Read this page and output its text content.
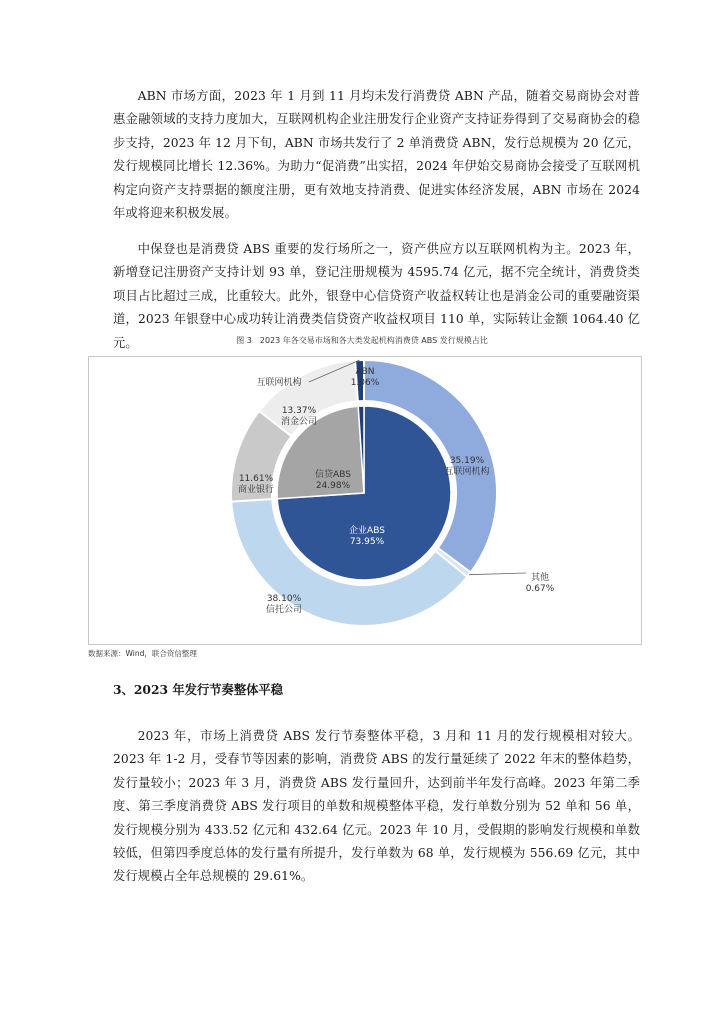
ABN 市场方面，2023 年 1 月到 11 月均未发行消费贷 ABN 产品，随着交易商协会对普惠金融领域的支持力度加大，互联网机构企业注册发行企业资产支持证券得到了交易商协会的稳步支持，2023 年 12 月下旬，ABN 市场共发行了 2 单消费贷 ABN，发行总规模为 20 亿元，发行规模同比增长 12.36%。为助力“促消费”出实招，2024 年伊始交易商协会接受了互联网机构定向资产支持票据的额度注册，更有效地支持消费、促进实体经济发展，ABN 市场在 2024 年或将迎来积极发展。

中保登也是消费贷 ABS 重要的发行场所之一，资产供应方以互联网机构为主。2023 年，新增登记注册资产支持计划 93 单，登记注册规模为 4595.74 亿元，据不完全统计，消费贷类项目占比超过三成，比重较大。此外，银登中心信贷资产收益权转让也是消金公司的重要融资渠道，2023 年银登中心成功转让消费类信贷资产收益权项目 110 单，实际转让金额 1064.40 亿元。	图 3　2023 年各交易市场和各大类发起机构消费贷 ABS 发行规模占比
企业ABS 73.95%
信贷ABS 24.98%
ABN 1.06%
35.19%互联网机构
其他 0.67%
38.10%信托公司
11.61%商业银行
13.37%消金公司
互联网机构
数据来源：Wind，联合资信整理
3、2023 年发行节奏整体平稳

2023 年，市场上消费贷 ABS 发行节奏整体平稳，3 月和 11 月的发行规模相对较大。2023 年 1-2 月，受春节等因素的影响，消费贷 ABS 的发行量延续了 2022 年末的整体趋势，发行量较小；2023 年 3 月，消费贷 ABS 发行量回升，达到前半年发行高峰。2023 年第二季度、第三季度消费贷 ABS 发行项目的单数和规模整体平稳，发行单数分别为 52 单和 56 单，发行规模分别为 433.52 亿元和 432.64 亿元。2023 年 10 月，受假期的影响发行规模和单数较低，但第四季度总体的发行量有所提升，发行单数为 68 单，发行规模为 556.69 亿元，其中发行规模占全年总规模的 29.61%。
